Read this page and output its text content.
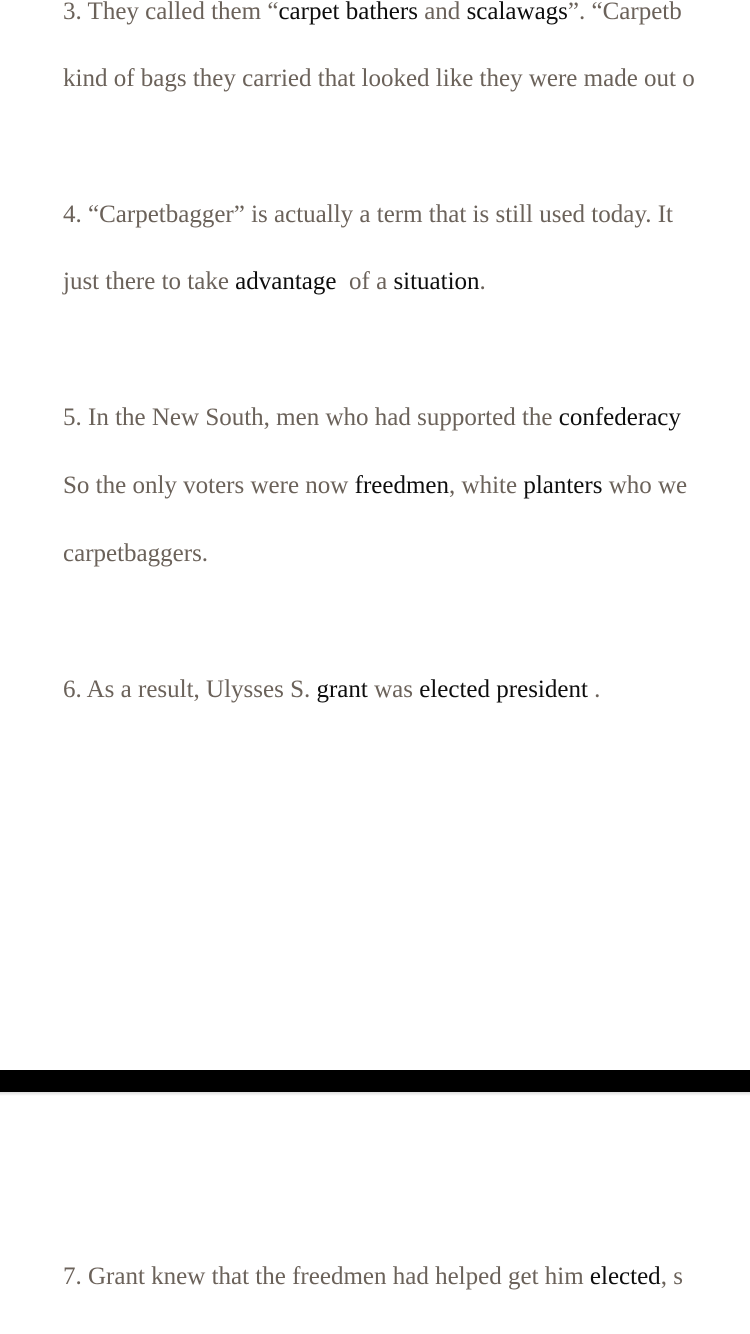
3. They called them “carpet bathers and scalawags”. “Carpetb

kind of bags they carried that looked like they were made out o

4. “Carpetbagger” is actually a term that is still used today. It

just there to take advantage  of a situation.

5. In the New South, men who had supported the confederacy

So the only voters were now freedmen, white planters who we

carpetbaggers.

6. As a result, Ulysses S. grant was elected president .

7. Grant knew that the freedmen had helped get him elected, s
